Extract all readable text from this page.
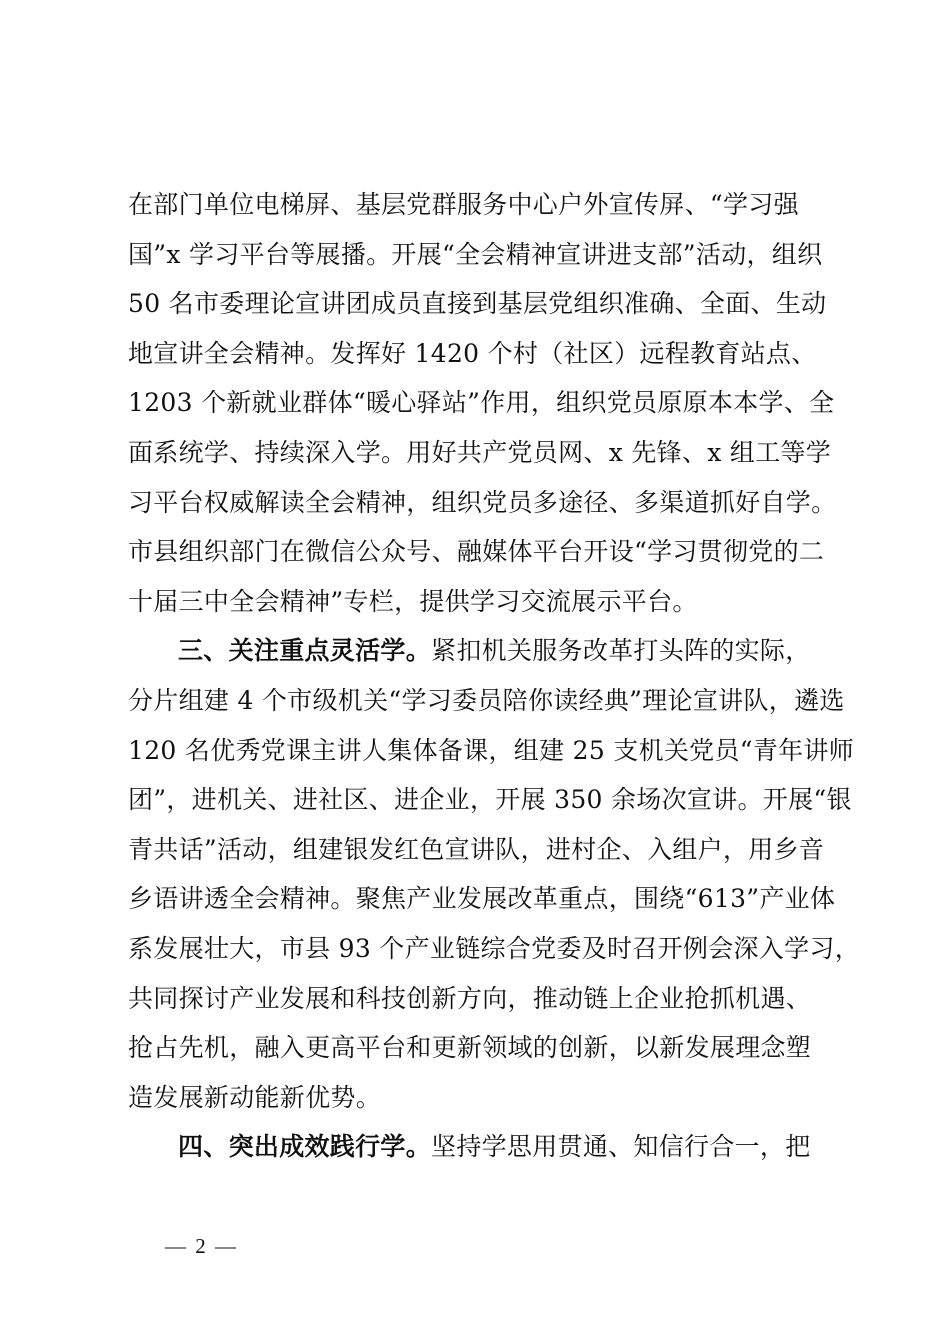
在部门单位电梯屏、基层党群服务中心户外宣传屏、“学习强
国”x 学习平台等展播。开展“全会精神宣讲进支部”活动，组织
50 名市委理论宣讲团成员直接到基层党组织准确、全面、生动
地宣讲全会精神。发挥好 1420 个村（社区）远程教育站点、
1203 个新就业群体“暖心驿站”作用，组织党员原原本本学、全
面系统学、持续深入学。用好共产党员网、x 先锋、x 组工等学
习平台权威解读全会精神，组织党员多途径、多渠道抓好自学。
市县组织部门在微信公众号、融媒体平台开设“学习贯彻党的二
十届三中全会精神”专栏，提供学习交流展示平台。
三、关注重点灵活学。紧扣机关服务改革打头阵的实际，
分片组建 4 个市级机关“学习委员陪你读经典”理论宣讲队，遴选
120 名优秀党课主讲人集体备课，组建 25 支机关党员“青年讲师
团”，进机关、进社区、进企业，开展 350 余场次宣讲。开展“银
青共话”活动，组建银发红色宣讲队，进村企、入组户，用乡音
乡语讲透全会精神。聚焦产业发展改革重点，围绕“613”产业体
系发展壮大，市县 93 个产业链综合党委及时召开例会深入学习，
共同探讨产业发展和科技创新方向，推动链上企业抢抓机遇、
抢占先机，融入更高平台和更新领域的创新，以新发展理念塑
造发展新动能新优势。
四、突出成效践行学。坚持学思用贯通、知信行合一，把
— 2 —
